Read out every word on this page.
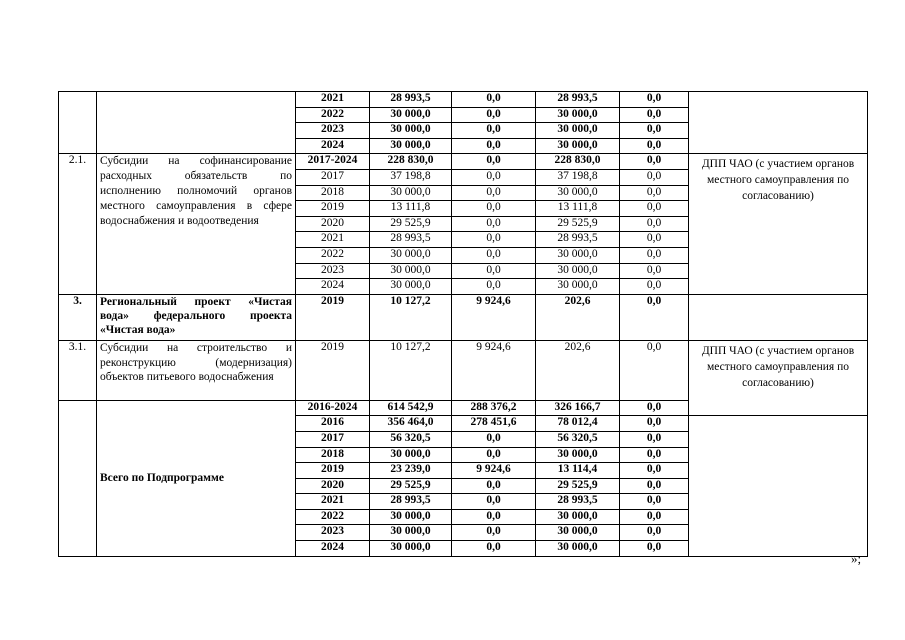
		2021	28 993,5	0,0	28 993,5	0,0	
		2022	30 000,0	0,0	30 000,0	0,0	
		2023	30 000,0	0,0	30 000,0	0,0	
		2024	30 000,0	0,0	30 000,0	0,0	
2.1.	Субсидии на софинансирование расходных обязательств по исполнению полномочий органов местного самоуправления в сфере водоснабжения и водоотведения	2017-2024	228 830,0	0,0	228 830,0	0,0	ДПП ЧАО (с участием органов местного самоуправления по согласованию)
		2017	37 198,8	0,0	37 198,8	0,0	
		2018	30 000,0	0,0	30 000,0	0,0	
		2019	13 111,8	0,0	13 111,8	0,0	
		2020	29 525,9	0,0	29 525,9	0,0	
		2021	28 993,5	0,0	28 993,5	0,0	
		2022	30 000,0	0,0	30 000,0	0,0	
		2023	30 000,0	0,0	30 000,0	0,0	
		2024	30 000,0	0,0	30 000,0	0,0	
3.	Региональный проект «Чистая вода» федерального проекта «Чистая вода»	2019	10 127,2	9 924,6	202,6	0,0	
3.1.	Субсидии на строительство и реконструкцию (модернизация) объектов питьевого водоснабжения	2019	10 127,2	9 924,6	202,6	0,0	ДПП ЧАО (с участием органов местного самоуправления по согласованию)
	Всего по Подпрограмме	2016-2024	614 542,9	288 376,2	326 166,7	0,0	
		2016	356 464,0	278 451,6	78 012,4	0,0	
		2017	56 320,5	0,0	56 320,5	0,0	
		2018	30 000,0	0,0	30 000,0	0,0	
		2019	23 239,0	9 924,6	13 114,4	0,0	
		2020	29 525,9	0,0	29 525,9	0,0	
		2021	28 993,5	0,0	28 993,5	0,0	
		2022	30 000,0	0,0	30 000,0	0,0	
		2023	30 000,0	0,0	30 000,0	0,0	
		2024	30 000,0	0,0	30 000,0	0,0	
»;
